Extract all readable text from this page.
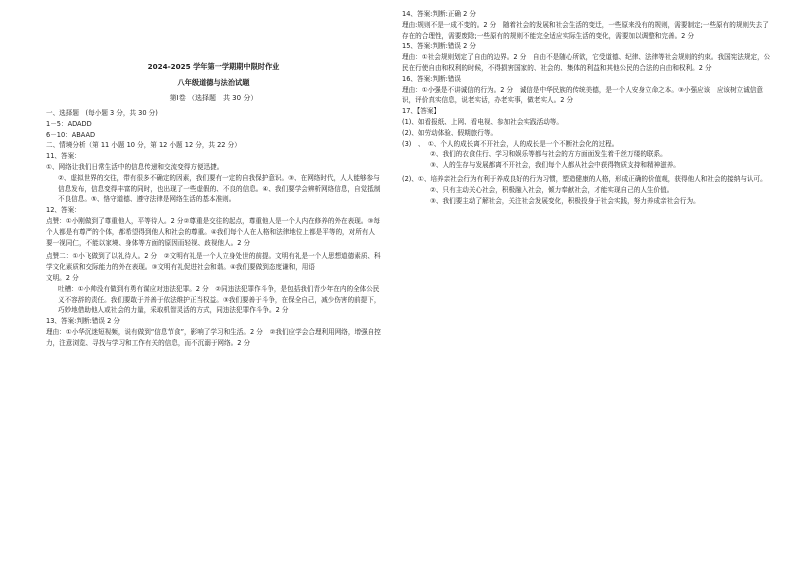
2024-2025 学年第一学期期中限时作业
八年级道德与法治试题
第Ⅰ卷 （选择题　共 30 分）

一、选择题　(每小题 3 分，共 30 分)

1－5：ADADD

6－10：ABAAD

二、情境分析（第 11 小题 10 分，第 12 小题 12 分，共 22 分）

11、答案：

①、网络让我们日常生活中的信息传递和交流变得方便迅捷。

②、虚拟世界的交往，带有很多不确定的因素，我们要有一定的自我保护意识。③、在网络时代，人人能够参与信息发布，信息变得丰富的同时，也出现了一些虚假的、不良的信息。④、我们要学会辨析网络信息，自觉抵制不良信息。⑤、恪守道德、遵守法律是网络生活的基本准则。

12、答案：

点赞：①小刚做到了尊重他人，平等待人。2 分②尊重是交往的起点，尊重他人是一个人内在修养的外在表现。③每个人都是有尊严的个体，都希望得到他人和社会的尊重。④我们每个人在人格和法律地位上都是平等的，对所有人要一视同仁，不能以家境、身体等方面的原因而轻视、歧视他人。2 分

点赞二：①小飞做到了以礼待人。2 分　②文明有礼是一个人立身处世的前提。文明有礼是一个人思想道德素质、科学文化素质和交际能力的外在表现。③文明有礼促进社会和谐。④我们要做到态度谦和，用语

文明。2 分

吐槽：①小帅没有做到有勇有谋应对违法犯罪。2 分　②同违法犯罪作斗争，是包括我们青少年在内的全体公民义不容辞的责任。我们要敢于并善于依法维护正当权益。③我们要善于斗争，在保全自己，减少伤害的前提下，巧妙地借助他人或社会的力量，采取机智灵活的方式，同违法犯罪作斗争。2 分

13、答案:判断:错误 2 分

理由：①小华沉迷短视频，说有做到“信息节食”，影响了学习和生活。2 分　②我们应学会合理利用网络，增强自控力，注意浏览、寻找与学习和工作有关的信息，而不沉溺于网络。2 分

14、答案:判断:正确 2 分

理由:规则不是一成不变的。2 分　随着社会的发展和社会生活的变迁，一些原来没有的规则，需要制定;一些原有的规则失去了存在的合理性，需要废除;一些原有的规则不能完全适应实际生活的变化，需要加以调整和完善。2 分

15、答案:判断:错误 2 分

理由：①社会规则划定了自由的边界。2 分　自由不是随心所欲，它受道德、纪律、法律等社会规则的约束。我国宪法规定，公民在行使自由和权利的时候，不得损害国家的、社会的、集体的利益和其他公民的合法的自由和权利。2 分

16、答案:判断:错误

理由：①小强是不讲诚信的行为。2 分　诚信是中华民族的传统美德，是一个人安身立命之本。③小强应该　应该树立诚信意识，评价真实信息，说老实话，办老实事，做老实人。2 分

17、【答案】

(1)、如看报纸、上网、看电视、参加社会实践活动等。

(2)、如劳动体验、假期旅行等。

(3)　、　①、个人的成长离不开社会，人的成长是一个不断社会化的过程。

②、我们的衣食住行、学习和娱乐等都与社会的方方面面发生着千丝万缕的联系。

③、人的生存与发展都离不开社会，我们每个人都从社会中获得物质支持和精神滋养。

(2)、①、培养亲社会行为有利于养成良好的行为习惯，塑造健康的人格，形成正确的价值观，获得他人和社会的接纳与认可。

②、只有主动关心社会，积极融入社会，倾力奉献社会，才能实现自己的人生价值。

③、我们要主动了解社会，关注社会发展变化，积极投身于社会实践，努力养成亲社会行为。
